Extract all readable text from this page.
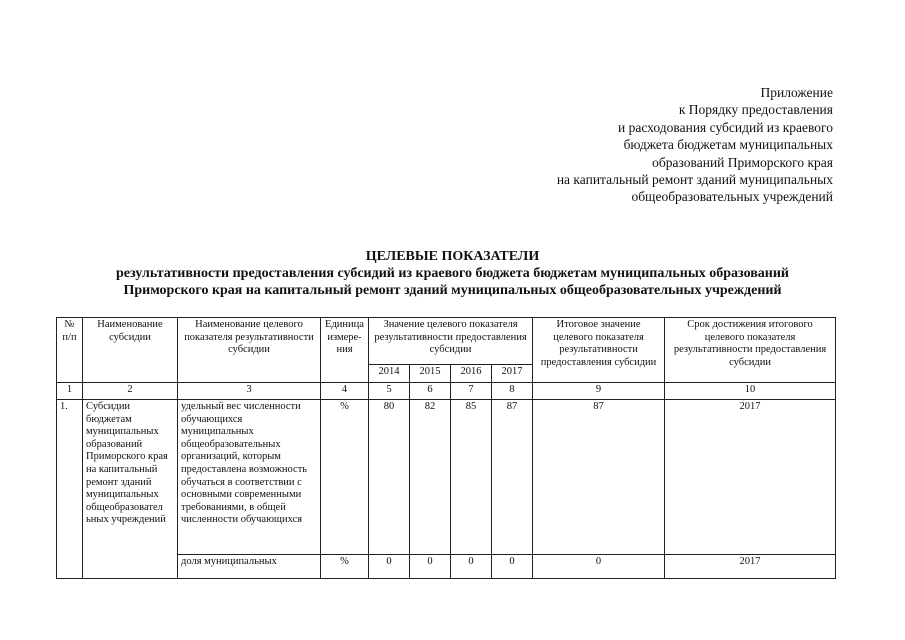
Приложение
к Порядку предоставления
и расходования субсидий из краевого
бюджета бюджетам муниципальных
образований Приморского края
на капитальный ремонт зданий муниципальных
общеобразовательных учреждений
ЦЕЛЕВЫЕ ПОКАЗАТЕЛИ
результативности предоставления субсидий из краевого бюджета бюджетам муниципальных образований
Приморского края на капитальный ремонт зданий муниципальных общеобразовательных учреждений
№ п/п	Наименование субсидии	Наименование целевого показателя результативности субсидии	Единица измере-ния	Значение целевого показателя результативности предоставления субсидии				Итоговое значение целевого показателя результативности предоставления субсидии	Срок достижения итогового целевого показателя результативности предоставления субсидии
				2014	2015	2016	2017		
1	2	3	4	5	6	7	8	9	10
1.	Субсидии бюджетам муниципальных образований Приморского края на капитальный ремонт зданий муниципальных общеобразовател ьных учреждений	удельный вес численности обучающихся муниципальных общеобразовательных организаций, которым предоставлена возможность обучаться в соответствии с основными современными требованиями, в общей численности обучающихся	%	80	82	85	87	87	2017
		доля муниципальных	%	0	0	0	0	0	2017
